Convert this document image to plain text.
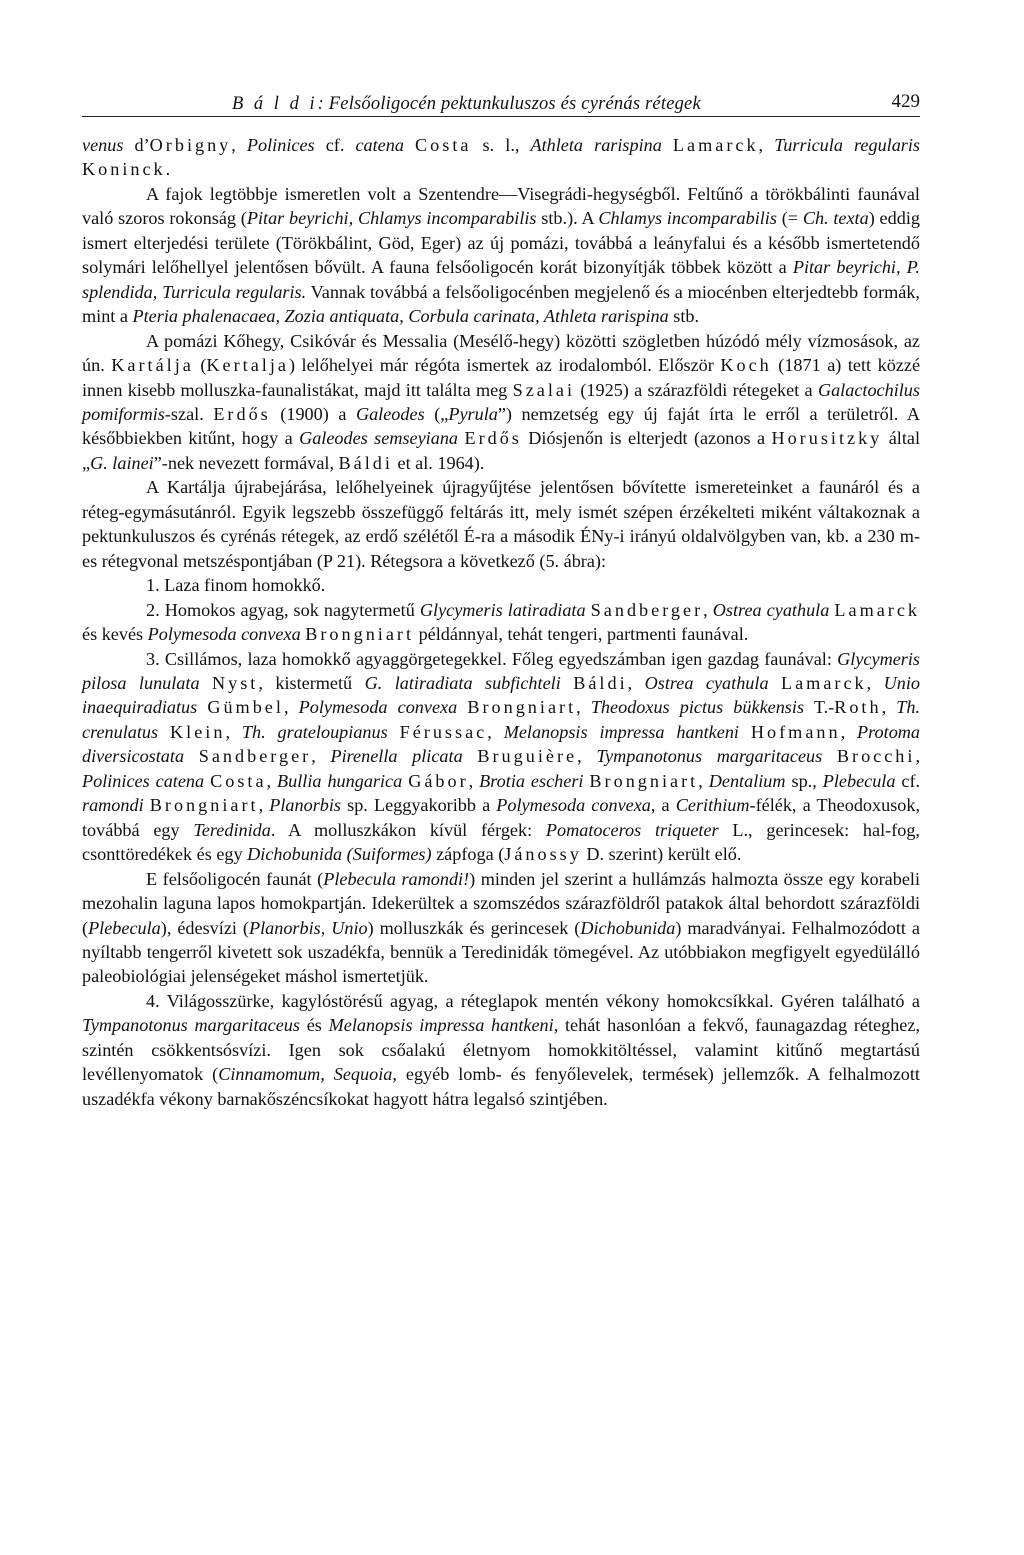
B á l d i: Felsőoligocén pektunkuluszos és cyrénás rétegek	429

venus d’Orbigny, Polinices cf. catena Costa s. l., Athleta rarispina Lamarck, Turricula regularis Koninck.

A fajok legtöbbje ismeretlen volt a Szentendre—Visegrádi-hegységből. Feltűnő a törökbálinti faunával való szoros rokonság (Pitar beyrichi, Chlamys incomparabilis stb.). A Chlamys incomparabilis (= Ch. texta) eddig ismert elterjedési területe (Törökbálint, Göd, Eger) az új pomázi, továbbá a leányfalui és a később ismertetendő solymári lelőhellyel jelentősen bővült. A fauna felsőoligocén korát bizonyítják többek között a Pitar beyrichi, P. splendida, Turricula regularis. Vannak továbbá a felsőoligocénben megjelenő és a miocénben elterjedtebb formák, mint a Pteria phalenacaea, Zozia antiquata, Corbula carinata, Athleta rarispina stb.

A pomázi Kőhegy, Csikóvár és Messalia (Mesélő-hegy) közötti szögletben húzódó mély vízmosások, az ún. Kartálja (Kertalja) lelőhelyei már régóta ismertek az irodalomból. Először Koch (1871 a) tett közzé innen kisebb molluszka-faunalistákat, majd itt találta meg Szalai (1925) a szárazföldi rétegeket a Galactochilus pomiformis-szal. Erdős (1900) a Galeodes („Pyrula”) nemzetség egy új faját írta le erről a területről. A későbbiekben kitűnt, hogy a Galeodes semseyiana Erdős Diósjenőn is elterjedt (azonos a Horusitzky által „G. lainei”-nek nevezett formával, Báldi et al. 1964).

A Kartálja újrabejárása, lelőhelyeinek újragyűjtése jelentősen bővítette ismereteinket a faunáról és a réteg-egymásutánról. Egyik legszebb összefüggő feltárás itt, mely ismét szépen érzékelteti miként váltakoznak a pektunkuluszos és cyrénás rétegek, az erdő szélétől É-ra a második ÉNy-i irányú oldalvölgyben van, kb. a 230 m-es rétegvonal metszéspontjában (P 21). Rétegsora a következő (5. ábra):

1. Laza finom homokkő.

2. Homokos agyag, sok nagytermetű Glycymeris latiradiata Sandberger, Ostrea cyathula Lamarck és kevés Polymesoda convexa Brongniart példánnyal, tehát tengeri, partmenti faunával.

3. Csillámos, laza homokkő agyaggörgetegekkel. Főleg egyedszámban igen gazdag faunával: Glycymeris pilosa lunulata Nyst, kistermetű G. latiradiata subfichteli Báldi, Ostrea cyathula Lamarck, Unio inaequiradiatus Gümbel, Polymesoda convexa Brongniart, Theodoxus pictus bükkensis T.-Roth, Th. crenulatus Klein, Th. grateloupianus Férussac, Melanopsis impressa hantkeni Hofmann, Protoma diversicostata Sandberger, Pirenella plicata Bruguière, Tympanotonus margaritaceus Brocchi, Polinices catena Costa, Bullia hungarica Gábor, Brotia escheri Brongniart, Dentalium sp., Plebecula cf. ramondi Brongniart, Planorbis sp. Leggyakoribb a Polymesoda convexa, a Cerithium-félék, a Theodoxusok, továbbá egy Teredinida. A molluszkákon kívül férgek: Pomatoceros triqueter L., gerincesek: hal-fog, csonttöredékek és egy Dichobunida (Suiformes) zápfoga (Jánossy D. szerint) került elő.

E felsőoligocén faunát (Plebecula ramondi!) minden jel szerint a hullámzás halmozta össze egy korabeli mezohalin laguna lapos homokpartján. Idekerültek a szomszédos szárazföldről patakok által behordott szárazföldi (Plebecula), édesvízi (Planorbis, Unio) molluszkák és gerincesek (Dichobunida) maradványai. Felhalmozódott a nyíltabb tengerről kivetett sok uszadékfa, bennük a Teredinidák tömegével. Az utóbbiakon megfigyelt egyedülálló paleobiológiai jelenségeket máshol ismertetjük.

4. Világosszürke, kagylóstörésű agyag, a réteglapok mentén vékony homokcsíkkal. Gyéren található a Tympanotonus margaritaceus és Melanopsis impressa hantkeni, tehát hasonlóan a fekvő, faunagazdag réteghez, szintén csökkentsósvízi. Igen sok csőalakú életnyom homokkitöltéssel, valamint kitűnő megtartású levéllenyomatok (Cinnamomum, Sequoia, egyéb lomb- és fenyőlevelek, termések) jellemzők. A felhalmozott uszadékfa vékony barnakőszéncsíkokat hagyott hátra legalsó szintjében.
